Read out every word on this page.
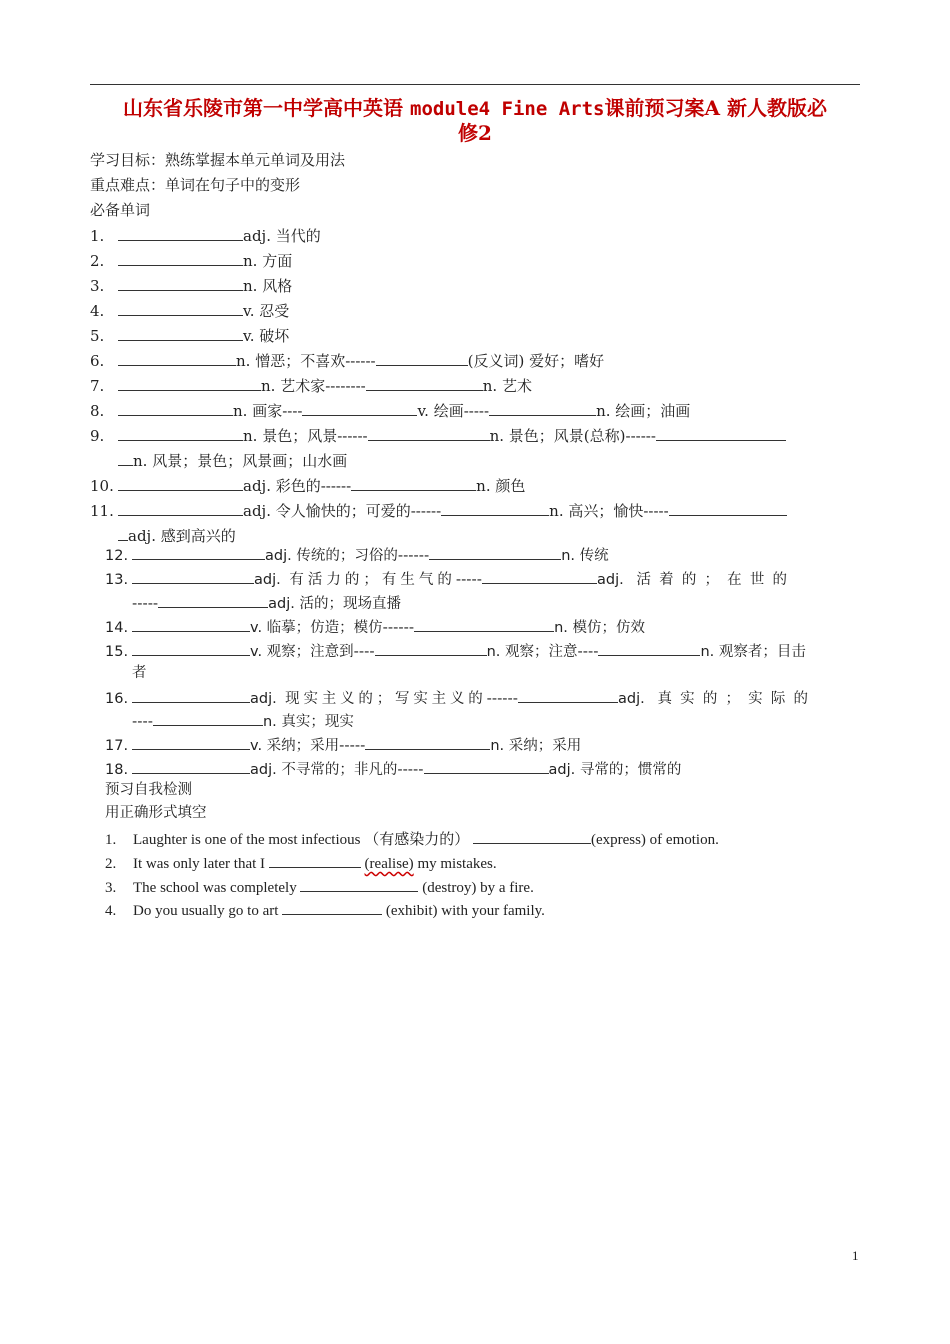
山东省乐陵市第一中学高中英语 module4 Fine Arts课前预习案A 新人教版必
修2
学习目标：熟练掌握本单元单词及用法
重点难点：单词在句子中的变形
必备单词
1.	adj. 当代的
2.	n. 方面
3.	n. 风格
4.	v. 忍受
5.	v. 破坏
6.	n. 憎恶；不喜欢------	(反义词) 爱好；嗜好
7.	n. 艺术家--------	n. 艺术
8.	n. 画家----	v. 绘画-----	n. 绘画；油画
9.	n. 景色；风景------	n. 景色；风景(总称)------
n. 风景；景色；风景画；山水画
10.	adj. 彩色的------	n. 颜色
11.	adj. 令人愉快的；可爱的------	n. 高兴；愉快-----
adj. 感到高兴的
12.	adj. 传统的；习俗的------	n. 传统
13.	adj. 有活力的；有生气的-----	adj. 活着的；在世的
-----	adj. 活的；现场直播
14.	v. 临摹；仿造；模仿------	n. 模仿；仿效
15.	v. 观察；注意到----	n. 观察；注意----	n. 观察者；目击
者
16.	adj. 现实主义的；写实主义的------	adj. 真实的；实际的
----	n. 真实；现实
17.	v. 采纳；采用-----	n. 采纳；采用
18.	adj. 不寻常的；非凡的-----	adj. 寻常的；惯常的
预习自我检测
用正确形式填空
1. Laughter is one of the most infectious （有感染力的）	(express) of emotion.
2. It was only later that I	(realise) my mistakes.
3. The school was completely	(destroy) by a fire.
4. Do you usually go to art	(exhibit) with your family.
1
